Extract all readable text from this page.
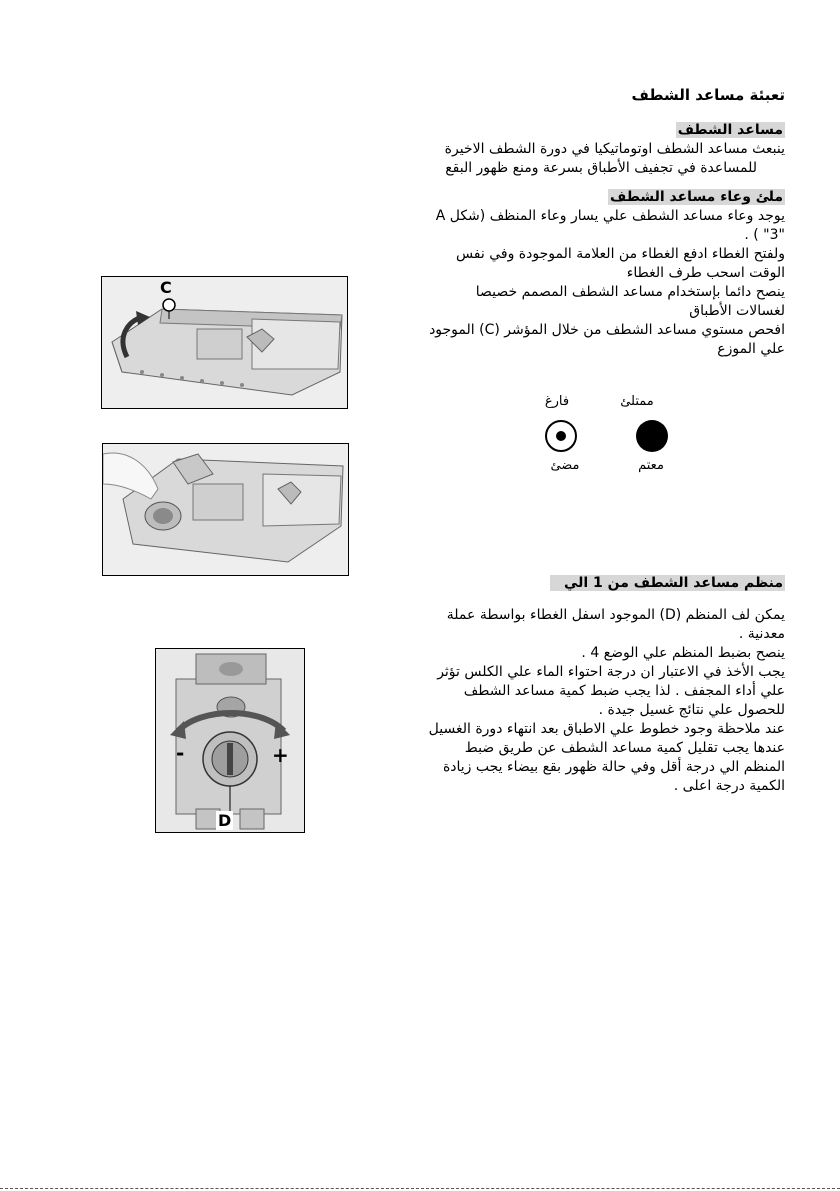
تعبئة مساعد الشطف
مساعد الشطف

ينبعث مساعد الشطف اوتوماتيكيا في دورة الشطف الاخيرة

للمساعدة في تجفيف الأطباق بسرعة ومنع ظهور البقع

ملئ وعاء مساعد الشطف

يوجد وعاء مساعد الشطف علي يسار وعاء المنظف (شكل A

"3" ) .

ولفتح الغطاء ادفع الغطاء من العلامة الموجودة وفي نفس

الوقت اسحب طرف الغطاء

ينصح دائما بإستخدام مساعد الشطف المصمم خصيصا

لغسالات الأطباق

افحص مستوي مساعد الشطف من خلال المؤشر (C) الموجود

علي الموزع

فارغ	ممتلئ
مضئ	معتم
منظم مساعد الشطف من 1 الي

يمكن لف المنظم (D) الموجود اسفل الغطاء بواسطة عملة

معدنية .

ينصح بضبط المنظم علي الوضع 4 .

يجب الأخذ في الاعتبار ان درجة احتواء الماء علي الكلس تؤثر

علي أداء المجفف . لذا يجب ضبط كمية مساعد الشطف

للحصول علي نتائج غسيل جيدة .

عند ملاحظة وجود خطوط علي الاطباق بعد انتهاء دورة الغسيل

عندها يجب تقليل كمية مساعد الشطف عن طريق ضبط

المنظم الي درجة أقل وفي حالة ظهور بقع بيضاء يجب زيادة

الكمية درجة اعلى .

C
-	+
D
